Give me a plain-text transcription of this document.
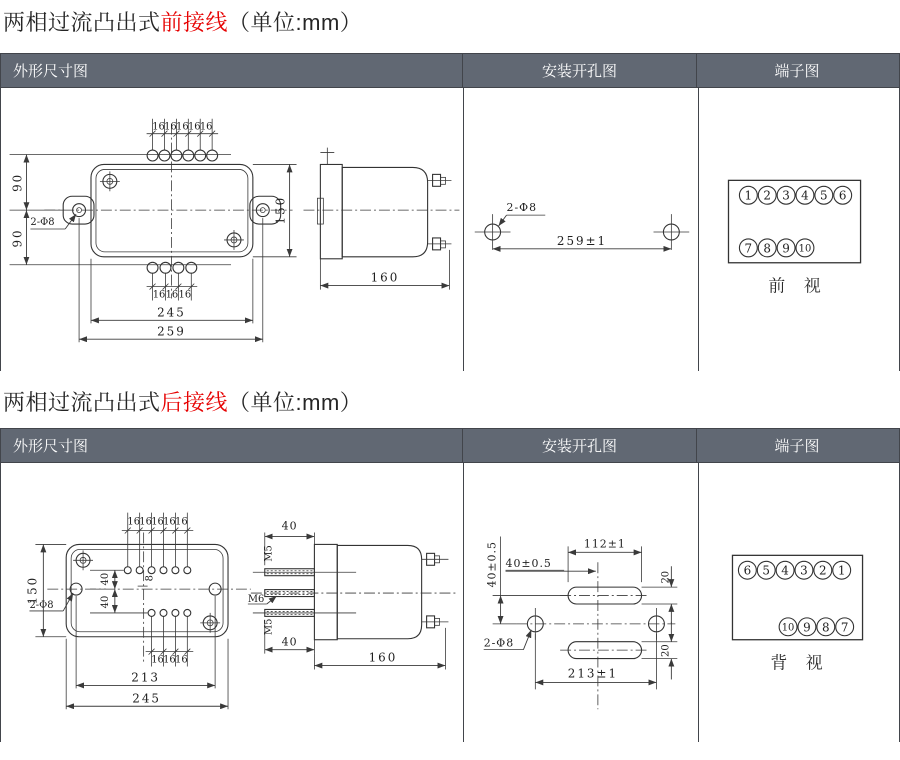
两相过流凸出式前接线（单位:mm）
外形尺寸图	安装开孔图	端子图
16 16 16 16 16
16 16 16
90
90
2-Φ8	150
245
259
160
2-Φ8
259±1
1 2 3 4 5 6
7 8 9 10
前 视
两相过流凸出式后接线（单位:mm）
外形尺寸图	安装开孔图	端子图
16 16 16 16 16
16 16 16
40
40
8
2-Φ8
150
213
245
M5
M6
M5
40
40
160
112±1
40±0.5
40±0.5	20
20
2-Φ8
213±1
6 5 4 3 2 1
10 9 8 7
背 视
